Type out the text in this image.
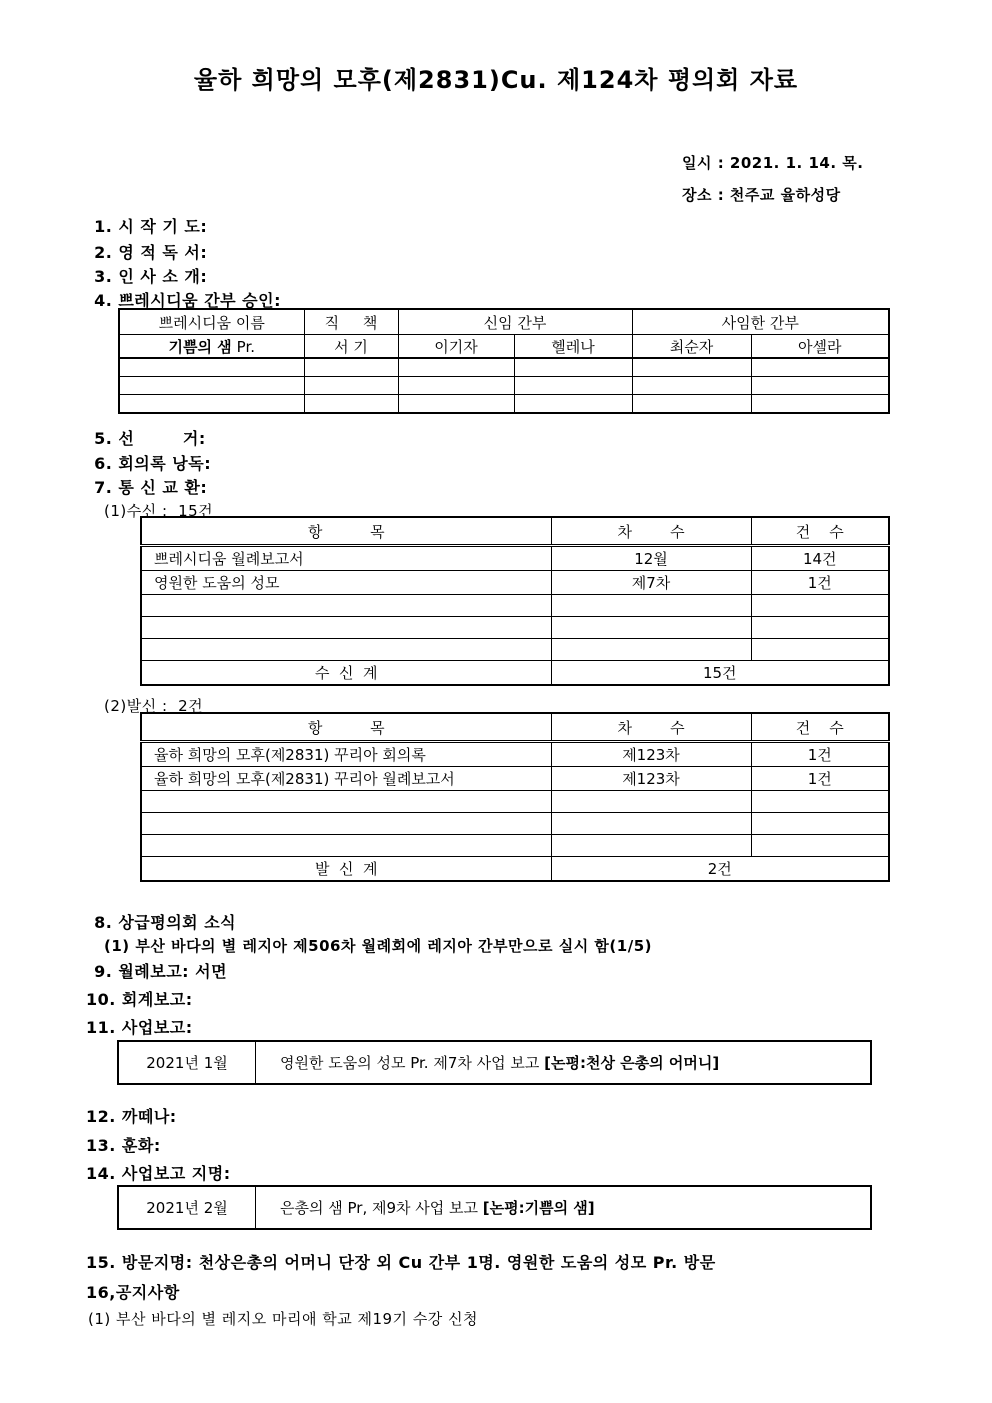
율하 희망의 모후(제2831)Cu. 제124차 평의회 자료
일시 : 2021. 1. 14. 목.
장소 : 천주교 율하성당
1. 시 작 기 도:
2. 영 적 독 서:
3. 인 사 소 개:
4. 쁘레시디움 간부 승인:
쁘레시디움 이름	직     책	신임 간부		사임한 간부	
기쁨의 샘 Pr.	서 기	이기자	헬레나	최순자	아셀라

5. 선        거:
6. 회의록 낭독:
7. 통 신 교 환:
(1)수신 :  15건
항          목	차        수	건    수
쁘레시디움 월례보고서	12월	14건
영원한 도움의 성모	제7차	1건

수  신  계	15건	
(2)발신 :  2건
항          목	차        수	건    수
율하 희망의 모후(제2831) 꾸리아 회의록	제123차	1건
율하 희망의 모후(제2831) 꾸리아 월례보고서	제123차	1건

발  신  계	2건	
8. 상급평의회 소식
(1) 부산 바다의 별 레지아 제506차 월례회에 레지아 간부만으로 실시 함(1/5)
9. 월례보고: 서면
10. 회계보고:
11. 사업보고:
2021년 1월	영원한 도움의 성모 Pr. 제7차 사업 보고 [논평:천상 은총의 어머니]
12. 까떼나:
13. 훈화:
14. 사업보고 지명:
2021년 2월	은총의 샘 Pr, 제9차 사업 보고 [논평:기쁨의 샘]
15. 방문지명: 천상은총의 어머니 단장 외 Cu 간부 1명. 영원한 도움의 성모 Pr. 방문
16,공지사항
(1) 부산 바다의 별 레지오 마리애 학교 제19기 수강 신청
